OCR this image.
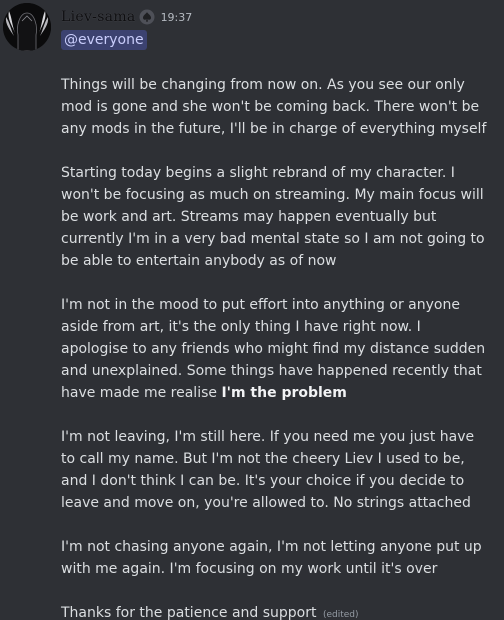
Liev-sama 19:37
@everyone

Things will be changing from now on. As you see our only mod is gone and she won't be coming back. There won't be any mods in the future, I'll be in charge of everything myself

Starting today begins a slight rebrand of my character. I won't be focusing as much on streaming. My main focus will be work and art. Streams may happen eventually but currently I'm in a very bad mental state so I am not going to be able to entertain anybody as of now

I'm not in the mood to put effort into anything or anyone aside from art, it's the only thing I have right now. I apologise to any friends who might find my distance sudden and unexplained. Some things have happened recently that have made me realise I'm the problem

I'm not leaving, I'm still here. If you need me you just have to call my name. But I'm not the cheery Liev I used to be, and I don't think I can be. It's your choice if you decide to leave and move on, you're allowed to. No strings attached

I'm not chasing anyone again, I'm not letting anyone put up with me again. I'm focusing on my work until it's over

Thanks for the patience and support (edited)
